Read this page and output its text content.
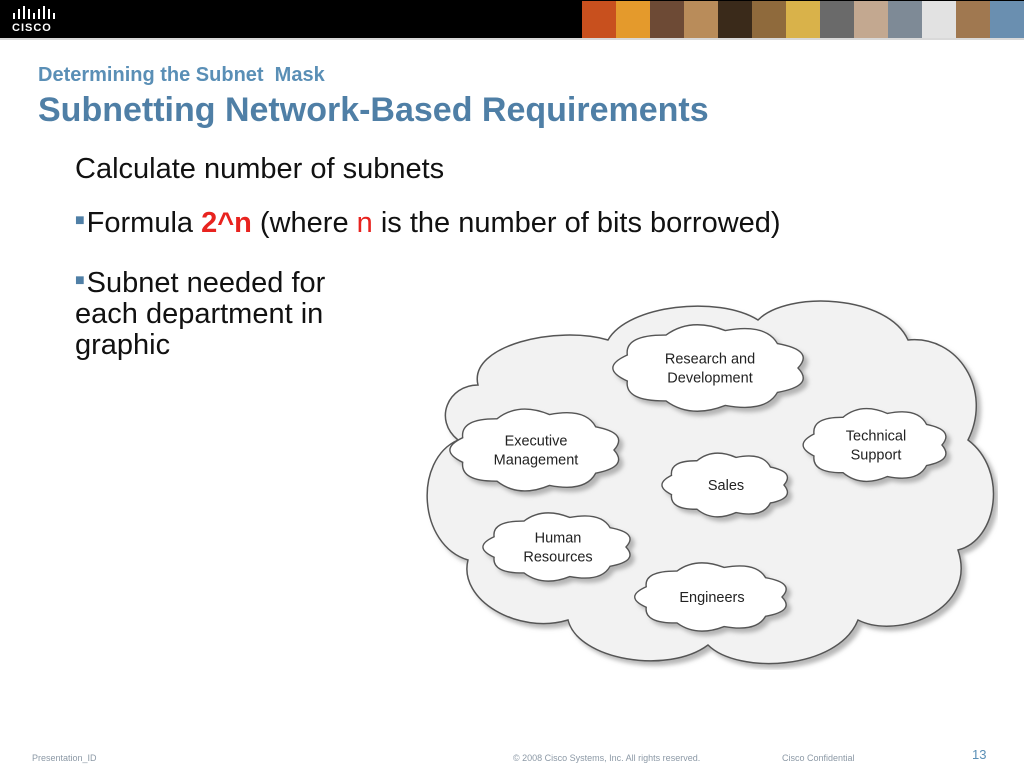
CISCO
Determining the Subnet  Mask
Subnetting Network-Based Requirements
Calculate number of subnets
■Formula 2^n (where n is the number of bits borrowed)
■Subnet needed for each department in graphic	Research and
Development
Executive
Management
Technical
Support
Sales
Human
Resources
Engineers
Presentation_ID	© 2008 Cisco Systems, Inc. All rights reserved.	Cisco Confidential	13
